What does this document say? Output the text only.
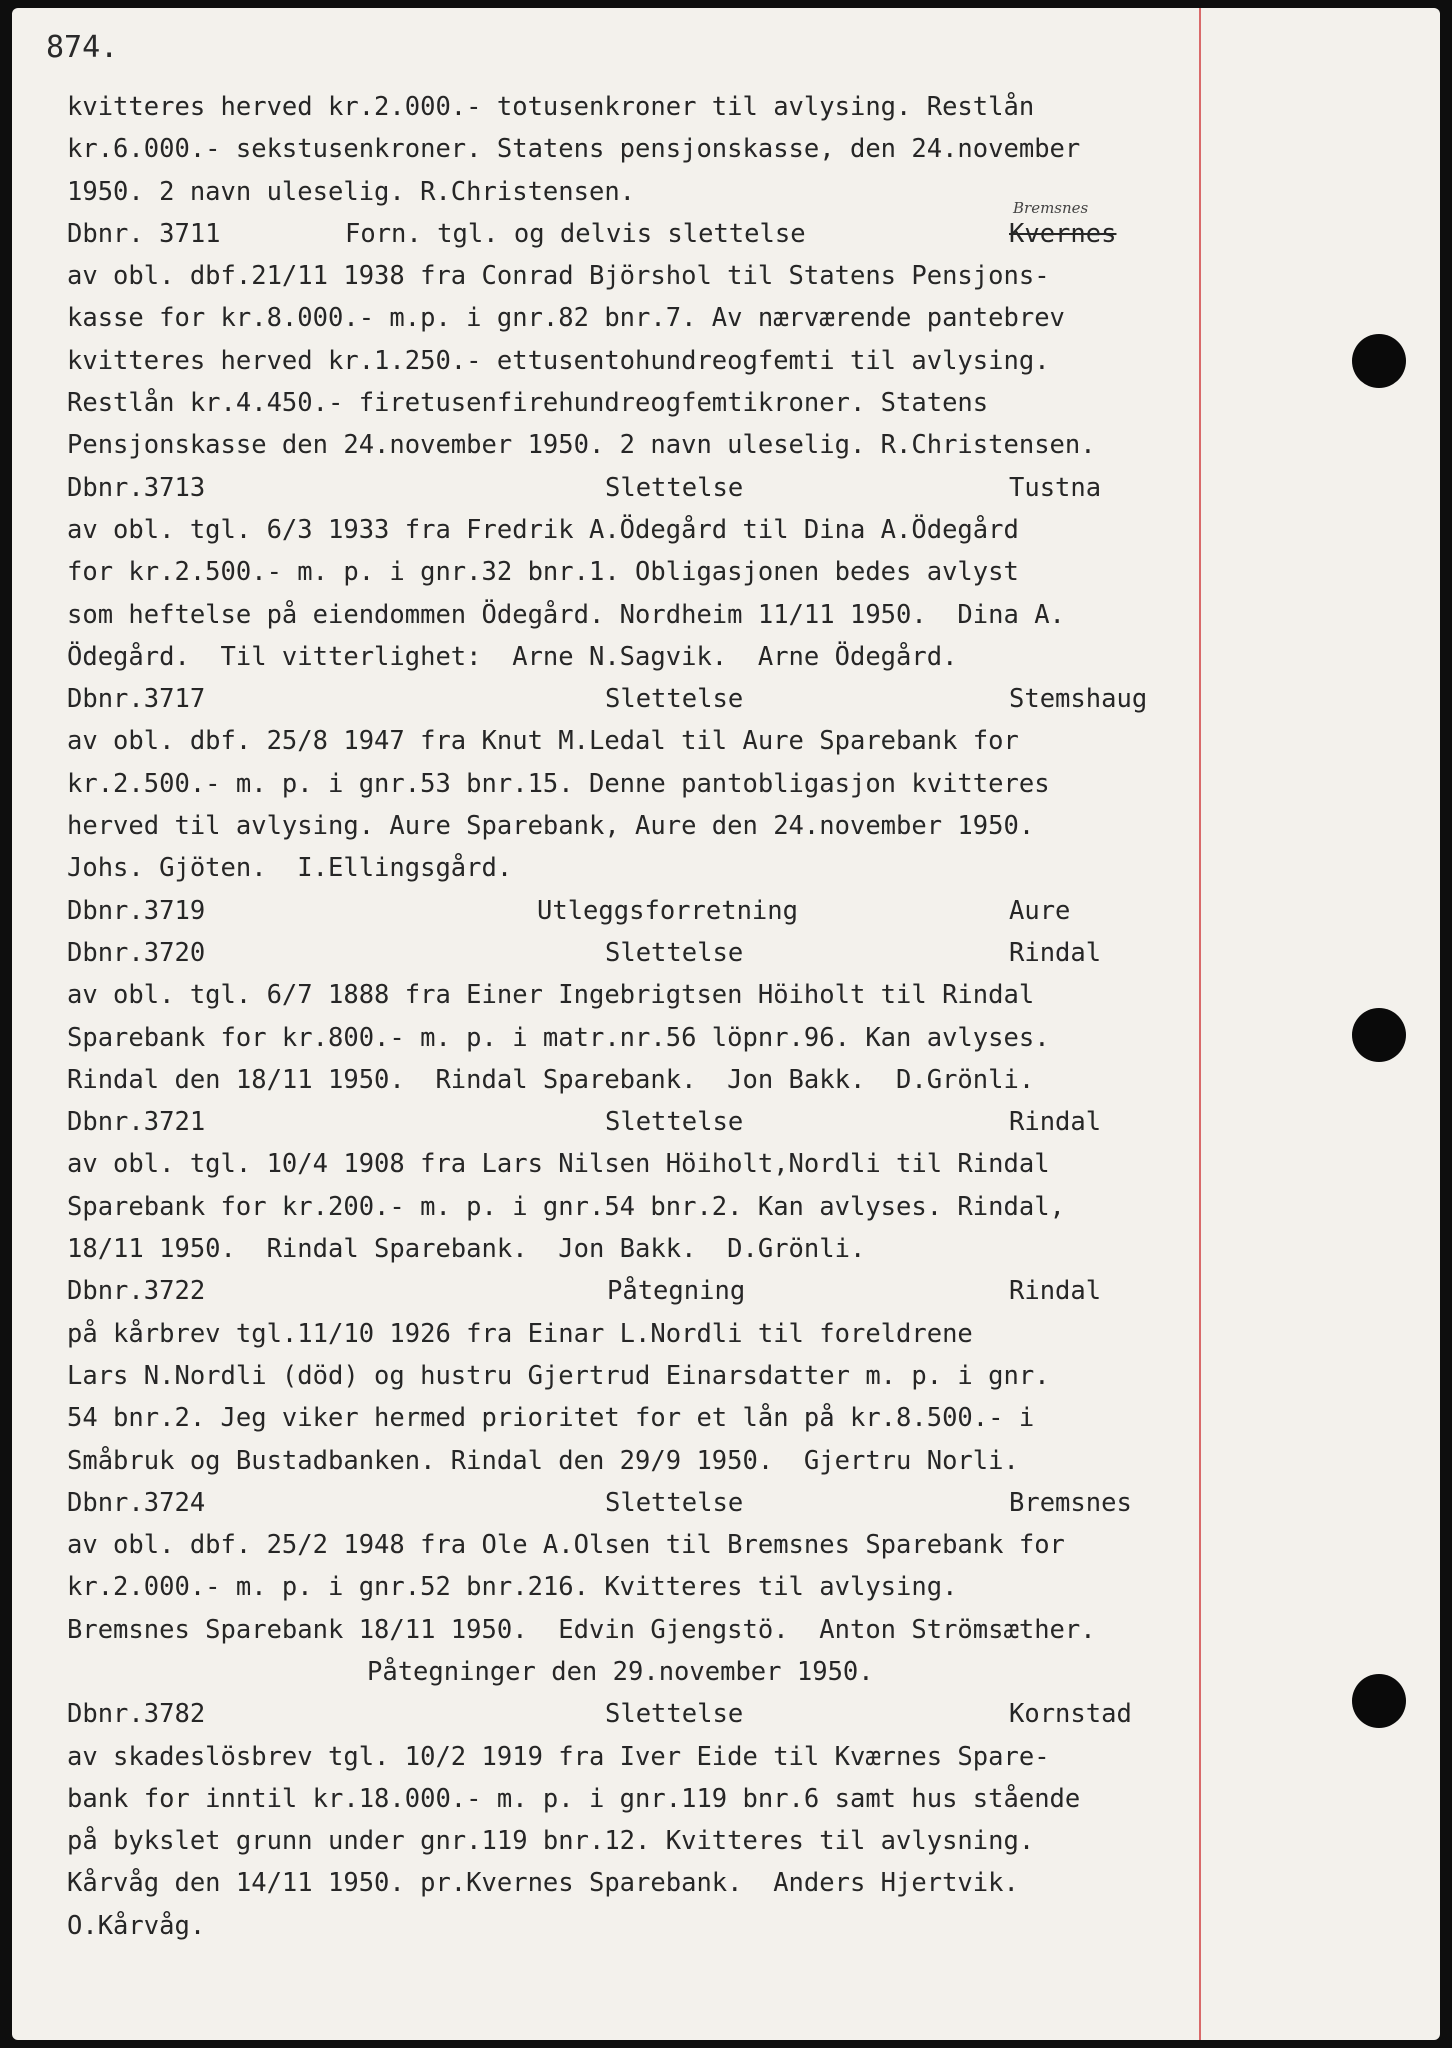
874.
kvitteres herved kr.2.000.- totusenkroner til avlysing. Restlån
kr.6.000.- sekstusenkroner. Statens pensjonskasse, den 24.november
1950. 2 navn uleselig. R.Christensen.
Dbnr. 3711	Forn. tgl. og delvis slettelse	Kvernes
Bremsnes
av obl. dbf.21/11 1938 fra Conrad Björshol til Statens Pensjons-
kasse for kr.8.000.- m.p. i gnr.82 bnr.7. Av nærværende pantebrev
kvitteres herved kr.1.250.- ettusentohundreogfemti til avlysing.
Restlån kr.4.450.- firetusenfirehundreogfemtikroner. Statens
Pensjonskasse den 24.november 1950. 2 navn uleselig. R.Christensen.
Dbnr.3713	Slettelse	Tustna
av obl. tgl. 6/3 1933 fra Fredrik A.Ödegård til Dina A.Ödegård
for kr.2.500.- m. p. i gnr.32 bnr.1. Obligasjonen bedes avlyst
som heftelse på eiendommen Ödegård. Nordheim 11/11 1950.  Dina A.
Ödegård.  Til vitterlighet:  Arne N.Sagvik.  Arne Ödegård.
Dbnr.3717	Slettelse	Stemshaug
av obl. dbf. 25/8 1947 fra Knut M.Ledal til Aure Sparebank for
kr.2.500.- m. p. i gnr.53 bnr.15. Denne pantobligasjon kvitteres
herved til avlysing. Aure Sparebank, Aure den 24.november 1950.
Johs. Gjöten.  I.Ellingsgård.
Dbnr.3719	Utleggsforretning	Aure
Dbnr.3720	Slettelse	Rindal
av obl. tgl. 6/7 1888 fra Einer Ingebrigtsen Höiholt til Rindal
Sparebank for kr.800.- m. p. i matr.nr.56 löpnr.96. Kan avlyses.
Rindal den 18/11 1950.  Rindal Sparebank.  Jon Bakk.  D.Grönli.
Dbnr.3721	Slettelse	Rindal
av obl. tgl. 10/4 1908 fra Lars Nilsen Höiholt,Nordli til Rindal
Sparebank for kr.200.- m. p. i gnr.54 bnr.2. Kan avlyses. Rindal,
18/11 1950.  Rindal Sparebank.  Jon Bakk.  D.Grönli.
Dbnr.3722	Påtegning	Rindal
på kårbrev tgl.11/10 1926 fra Einar L.Nordli til foreldrene
Lars N.Nordli (död) og hustru Gjertrud Einarsdatter m. p. i gnr.
54 bnr.2. Jeg viker hermed prioritet for et lån på kr.8.500.- i
Småbruk og Bustadbanken. Rindal den 29/9 1950.  Gjertru Norli.
Dbnr.3724	Slettelse	Bremsnes
av obl. dbf. 25/2 1948 fra Ole A.Olsen til Bremsnes Sparebank for
kr.2.000.- m. p. i gnr.52 bnr.216. Kvitteres til avlysing.
Bremsnes Sparebank 18/11 1950.  Edvin Gjengstö.  Anton Strömsæther.
Påtegninger den 29.november 1950.
Dbnr.3782	Slettelse	Kornstad
av skadeslösbrev tgl. 10/2 1919 fra Iver Eide til Kværnes Spare-
bank for inntil kr.18.000.- m. p. i gnr.119 bnr.6 samt hus stående
på bykslet grunn under gnr.119 bnr.12. Kvitteres til avlysning.
Kårvåg den 14/11 1950. pr.Kvernes Sparebank.  Anders Hjertvik.
O.Kårvåg.
